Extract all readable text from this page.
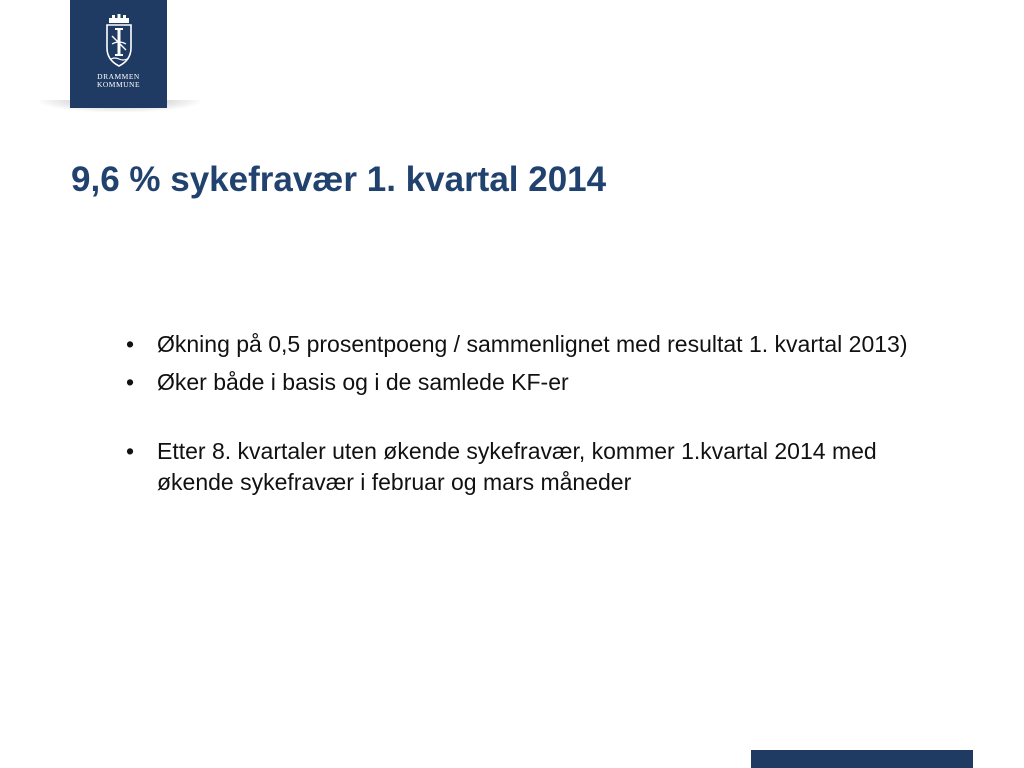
DRAMMEN
KOMMUNE
9,6 % sykefravær 1. kvartal 2014
• Økning på 0,5 prosentpoeng / sammenlignet med resultat 1. kvartal 2013)
• Øker både i basis og i de samlede KF-er
• Etter 8. kvartaler uten økende sykefravær, kommer 1.kvartal 2014 med økende sykefravær i februar og mars måneder
